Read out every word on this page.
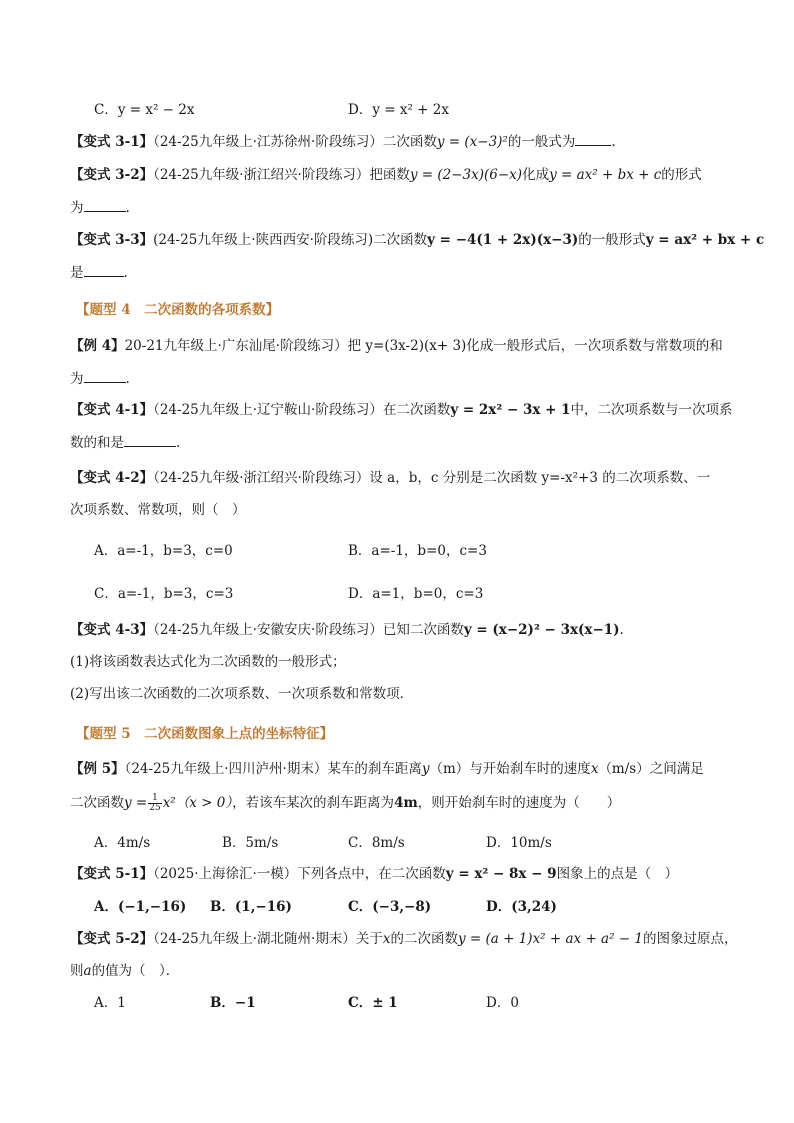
C．y = x² − 2x	D．y = x² + 2x
【变式 3-1】（24-25九年级上·江苏徐州·阶段练习）二次函数y = (x−3)²的一般式为	.
【变式 3-2】（24-25九年级·浙江绍兴·阶段练习）把函数y = (2−3x)(6−x)化成y = ax² + bx + c的形式
为	.
【变式 3-3】(24-25九年级上·陕西西安·阶段练习)二次函数y = −4(1 + 2x)(x−3)的一般形式y = ax² + bx + c
是	.
【题型 4　二次函数的各项系数】
【例 4】20-21九年级上·广东汕尾·阶段练习）把 y=(3x-2)(x+ 3)化成一般形式后，一次项系数与常数项的和
为	.
【变式 4-1】（24-25九年级上·辽宁鞍山·阶段练习）在二次函数y = 2x² − 3x + 1中，二次项系数与一次项系
数的和是	.
【变式 4-2】（24-25九年级·浙江绍兴·阶段练习）设 a，b，c 分别是二次函数 y=-x²+3 的二次项系数、一
次项系数、常数项，则（　）
A．a=-1，b=3，c=0	B．a=-1，b=0，c=3
C．a=-1，b=3，c=3	D．a=1，b=0，c=3
【变式 4-3】（24-25九年级上·安徽安庆·阶段练习）已知二次函数y = (x−2)² − 3x(x−1).
(1)将该函数表达式化为二次函数的一般形式；
(2)写出该二次函数的二次项系数、一次项系数和常数项．
【题型 5　二次函数图象上点的坐标特征】
【例 5】（24-25九年级上·四川泸州·期末）某车的刹车距离y（m）与开始刹车时的速度x（m/s）之间满足
二次函数$y = \frac{1}{25} x^2(x > 0)$，若该车某次的刹车距离为4m，则开始刹车时的速度为（　　）
A．4m/s	B．5m/s	C．8m/s	D．10m/s
【变式 5-1】（2025·上海徐汇·一模）下列各点中，在二次函数y = x² − 8x − 9图象上的点是（　）
A．(−1,−16) B．(1,−16)	C．(−3,−8)	D．(3,24)
【变式 5-2】（24-25九年级上·湖北随州·期末）关于x的二次函数y = (a + 1)x² + ax + a² − 1的图象过原点，
则a的值为（　）．
A．1	B．−1	C．± 1	D．0
